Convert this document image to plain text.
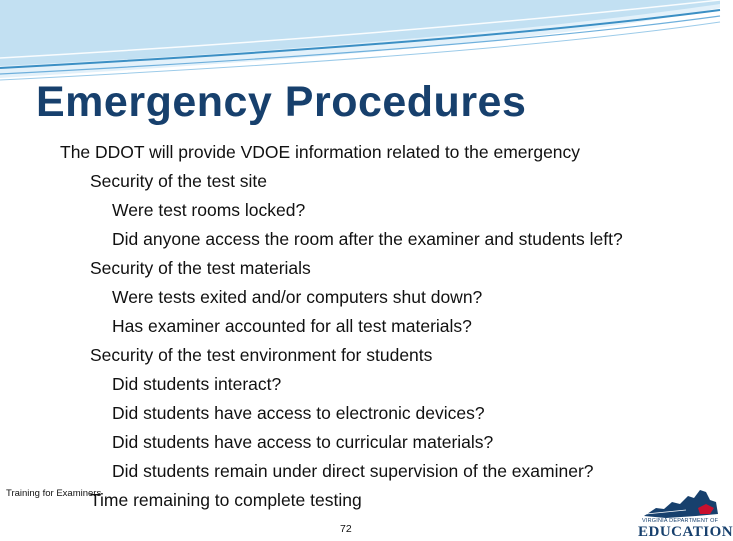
Emergency Procedures
The DDOT will provide VDOE information related to the emergency
Security of the test site
Were test rooms locked?
Did anyone access the room after the examiner and students left?
Security of the test materials
Were tests exited and/or computers shut down?
Has examiner accounted for all test materials?
Security of the test environment for students
Did students interact?
Did students have access to electronic devices?
Did students have access to curricular materials?
Did students remain under direct supervision of the examiner?
Time remaining to complete testing
Training for Examiners
72
VIRGINIA DEPARTMENT OF
EDUCATION
